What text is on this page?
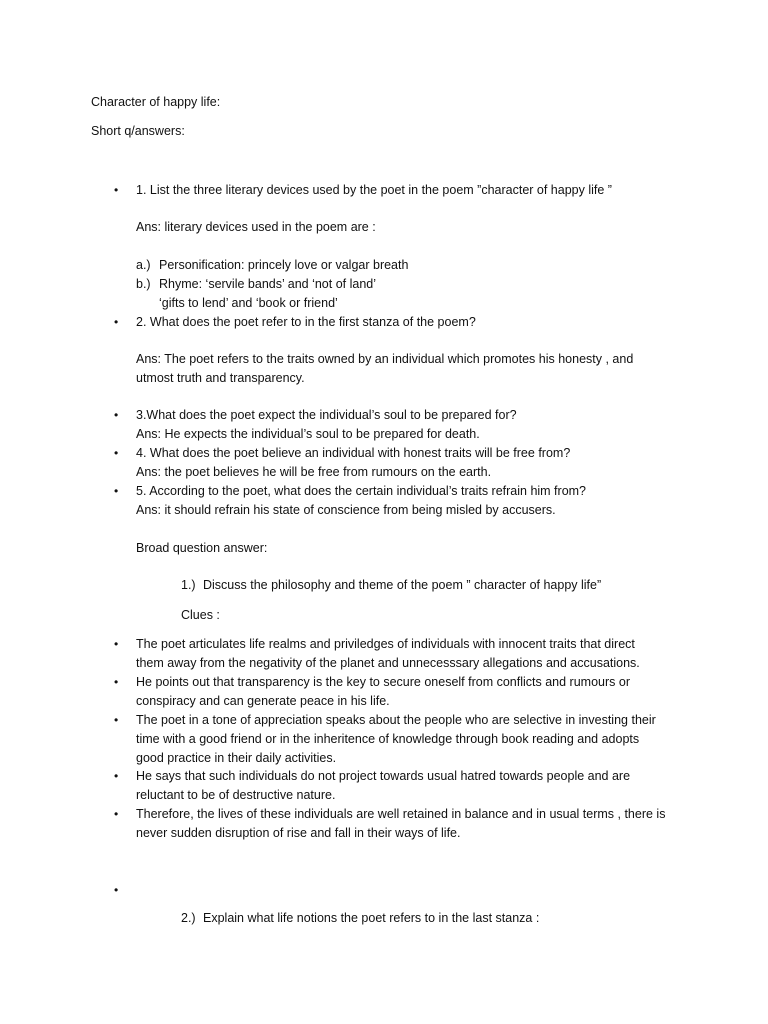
Character of happy life:
Short q/answers:
• 1. List the three literary devices used by the poet in the poem ”character of happy life ”
Ans: literary devices used in the poem are :
a.) Personification: princely love or valgar breath
b.) Rhyme: ‘servile bands’ and ‘not of land’
‘gifts to lend’ and ‘book or friend’
• 2. What does the poet refer to in the first stanza of the poem?
Ans: The poet refers to the traits owned by an individual which promotes his honesty , and
utmost truth and transparency.
• 3.What does the poet expect the individual’s soul to be prepared for?
Ans: He expects the individual’s soul to be prepared for death.
• 4. What does the poet believe an individual with honest traits will be free from?
Ans: the poet believes he will be free from rumours on the earth.
• 5. According to the poet, what does the certain individual’s traits refrain him from?
Ans: it should refrain his state of conscience from being misled by accusers.
Broad question answer:
1.) Discuss the philosophy and theme of the poem ” character of happy life”
Clues :
• The poet articulates life realms and priviledges of individuals with innocent traits that direct
them away from the negativity of the planet and unnecesssary allegations and accusations.
• He points out that transparency is the key to secure oneself from conflicts and rumours or
conspiracy and can generate peace in his life.
• The poet in a tone of appreciation speaks about the people who are selective in investing their
time with a good friend or in the inheritence of knowledge through book reading and adopts
good practice in their daily activities.
• He says that such individuals do not project towards usual hatred towards people and are
reluctant to be of destructive nature.
• Therefore, the lives of these individuals are well retained in balance and in usual terms , there is
never sudden disruption of rise and fall in their ways of life.
•
2.) Explain what life notions the poet refers to in the last stanza :
